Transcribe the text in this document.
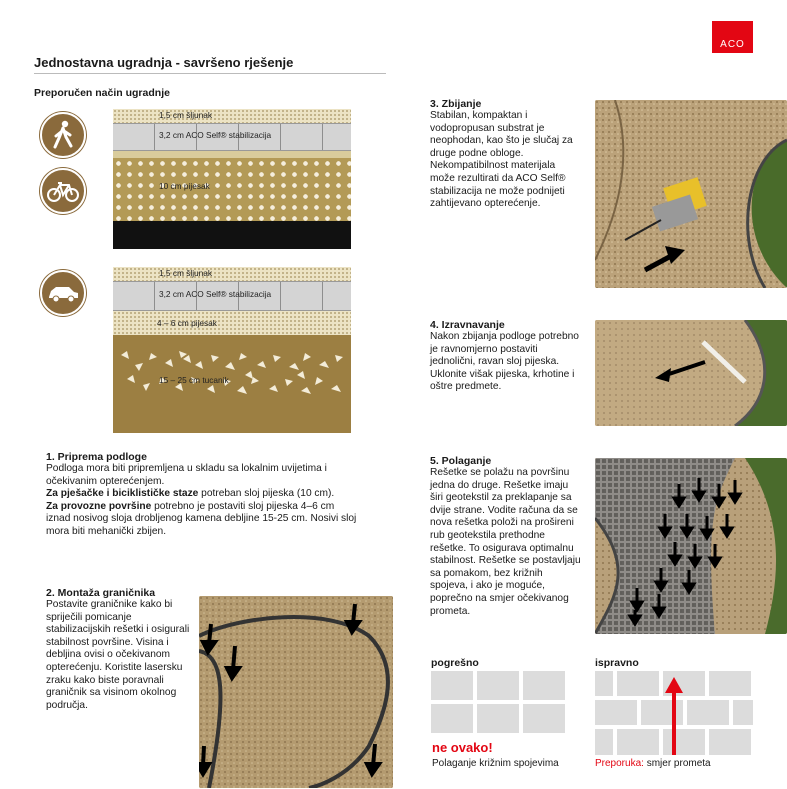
ACO
Jednostavna ugradnja - savršeno rješenje
Preporučen način ugradnje
1,5 cm šljunak
3,2 cm ACO Self® stabilizacija
10 cm pijesak
1,5 cm šljunak
3,2 cm ACO Self® stabilizacija
4 – 6 cm pijesak
15 – 25 cm tucanik
1. Priprema podloge
Podloga mora biti pripremljena u skladu sa lokalnim uvijetima i očekivanim opterećenjem.
Za pješačke i biciklističke staze potreban sloj pijeska (10 cm).
Za provozne površine potrebno je postaviti sloj pijeska 4–6 cm iznad nosivog sloja drobljenog kamena debljine 15-25 cm. Nosivi sloj mora biti mehanički zbijen.
2. Montaža graničnika
Postavite graničnike kako bi spriječili pomicanje stabilizacijskih rešetki i osigurali stabilnost površine. Visina i debljina ovisi o očekivanom opterećenju. Koristite lasersku zraku kako biste poravnali graničnik sa visinom okolnog područja.
3. Zbijanje
Stabilan, kompaktan i vodopropusan substrat je neophodan, kao što je slučaj za druge podne obloge. Nekompatibilnost materijala može rezultirati da ACO Self® stabilizacija ne može podnijeti zahtijevano opterećenje.
4. Izravnavanje
Nakon zbijanja podloge potrebno je ravnomjerno postaviti jednolični, ravan sloj pijeska. Uklonite višak pijeska, krhotine i oštre predmete.
5. Polaganje
Rešetke se polažu na površinu jedna do druge. Rešetke imaju širi geotekstil za preklapanje sa dvije strane. Vodite računa da se nova rešetka položi na prošireni rub geotekstila prethodne rešetke. To osigurava optimalnu stabilnost. Rešetke se postavljaju sa pomakom, bez križnih spojeva, i ako je moguće, poprečno na smjer očekivanog prometa.
pogrešno
ne ovako!
Polaganje križnim spojevima
ispravno
Preporuka: smjer prometa
